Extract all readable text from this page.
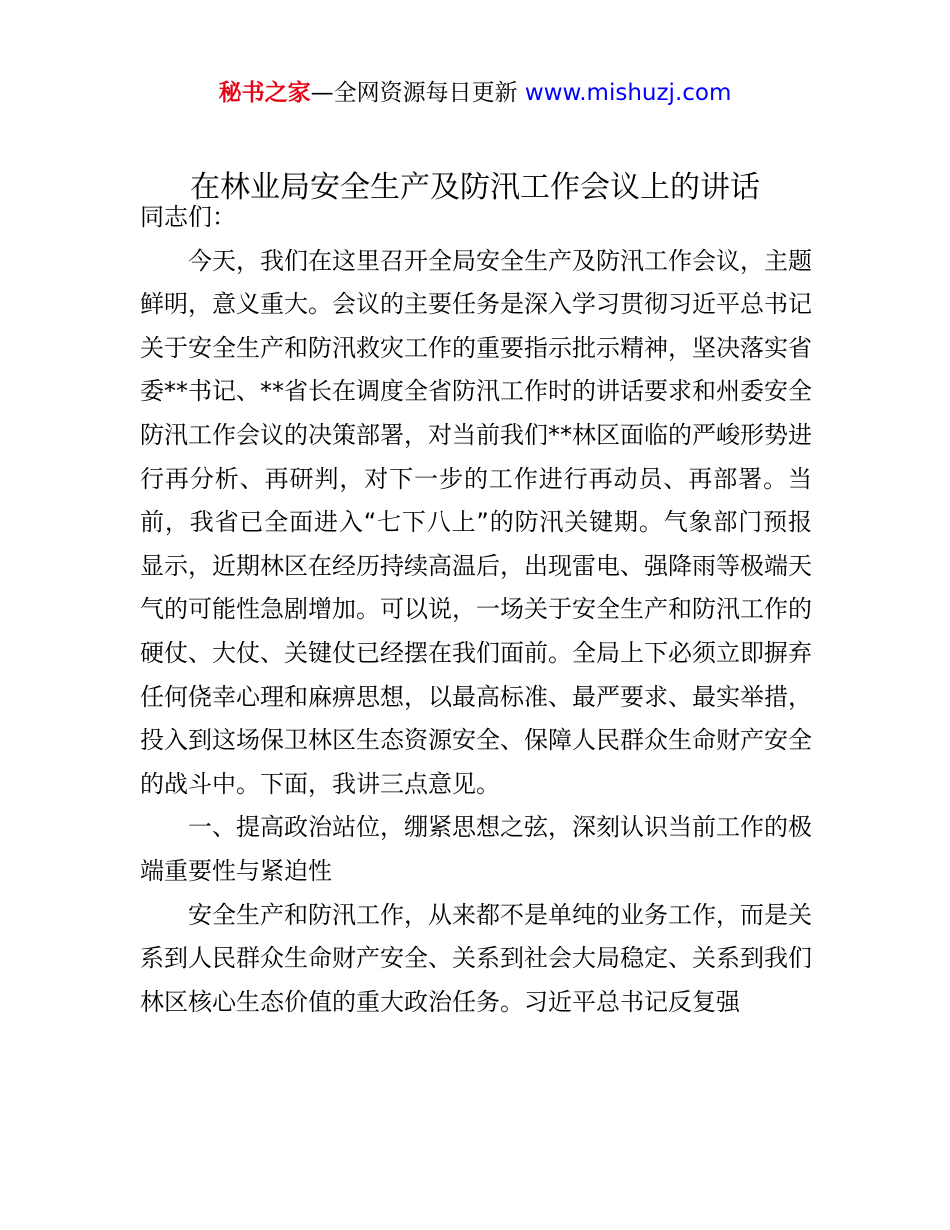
秘书之家—全网资源每日更新 www.mishuzj.com
在林业局安全生产及防汛工作会议上的讲话

同志们：

今天，我们在这里召开全局安全生产及防汛工作会议，主题鲜明，意义重大。会议的主要任务是深入学习贯彻习近平总书记关于安全生产和防汛救灾工作的重要指示批示精神，坚决落实省委**书记、**省长在调度全省防汛工作时的讲话要求和州委安全防汛工作会议的决策部署，对当前我们**林区面临的严峻形势进行再分析、再研判，对下一步的工作进行再动员、再部署。当前，我省已全面进入“七下八上”的防汛关键期。气象部门预报显示，近期林区在经历持续高温后，出现雷电、强降雨等极端天气的可能性急剧增加。可以说，一场关于安全生产和防汛工作的硬仗、大仗、关键仗已经摆在我们面前。全局上下必须立即摒弃任何侥幸心理和麻痹思想，以最高标准、最严要求、最实举措，投入到这场保卫林区生态资源安全、保障人民群众生命财产安全的战斗中。下面，我讲三点意见。

一、提高政治站位，绷紧思想之弦，深刻认识当前工作的极端重要性与紧迫性

安全生产和防汛工作，从来都不是单纯的业务工作，而是关系到人民群众生命财产安全、关系到社会大局稳定、关系到我们林区核心生态价值的重大政治任务。习近平总书记反复强
